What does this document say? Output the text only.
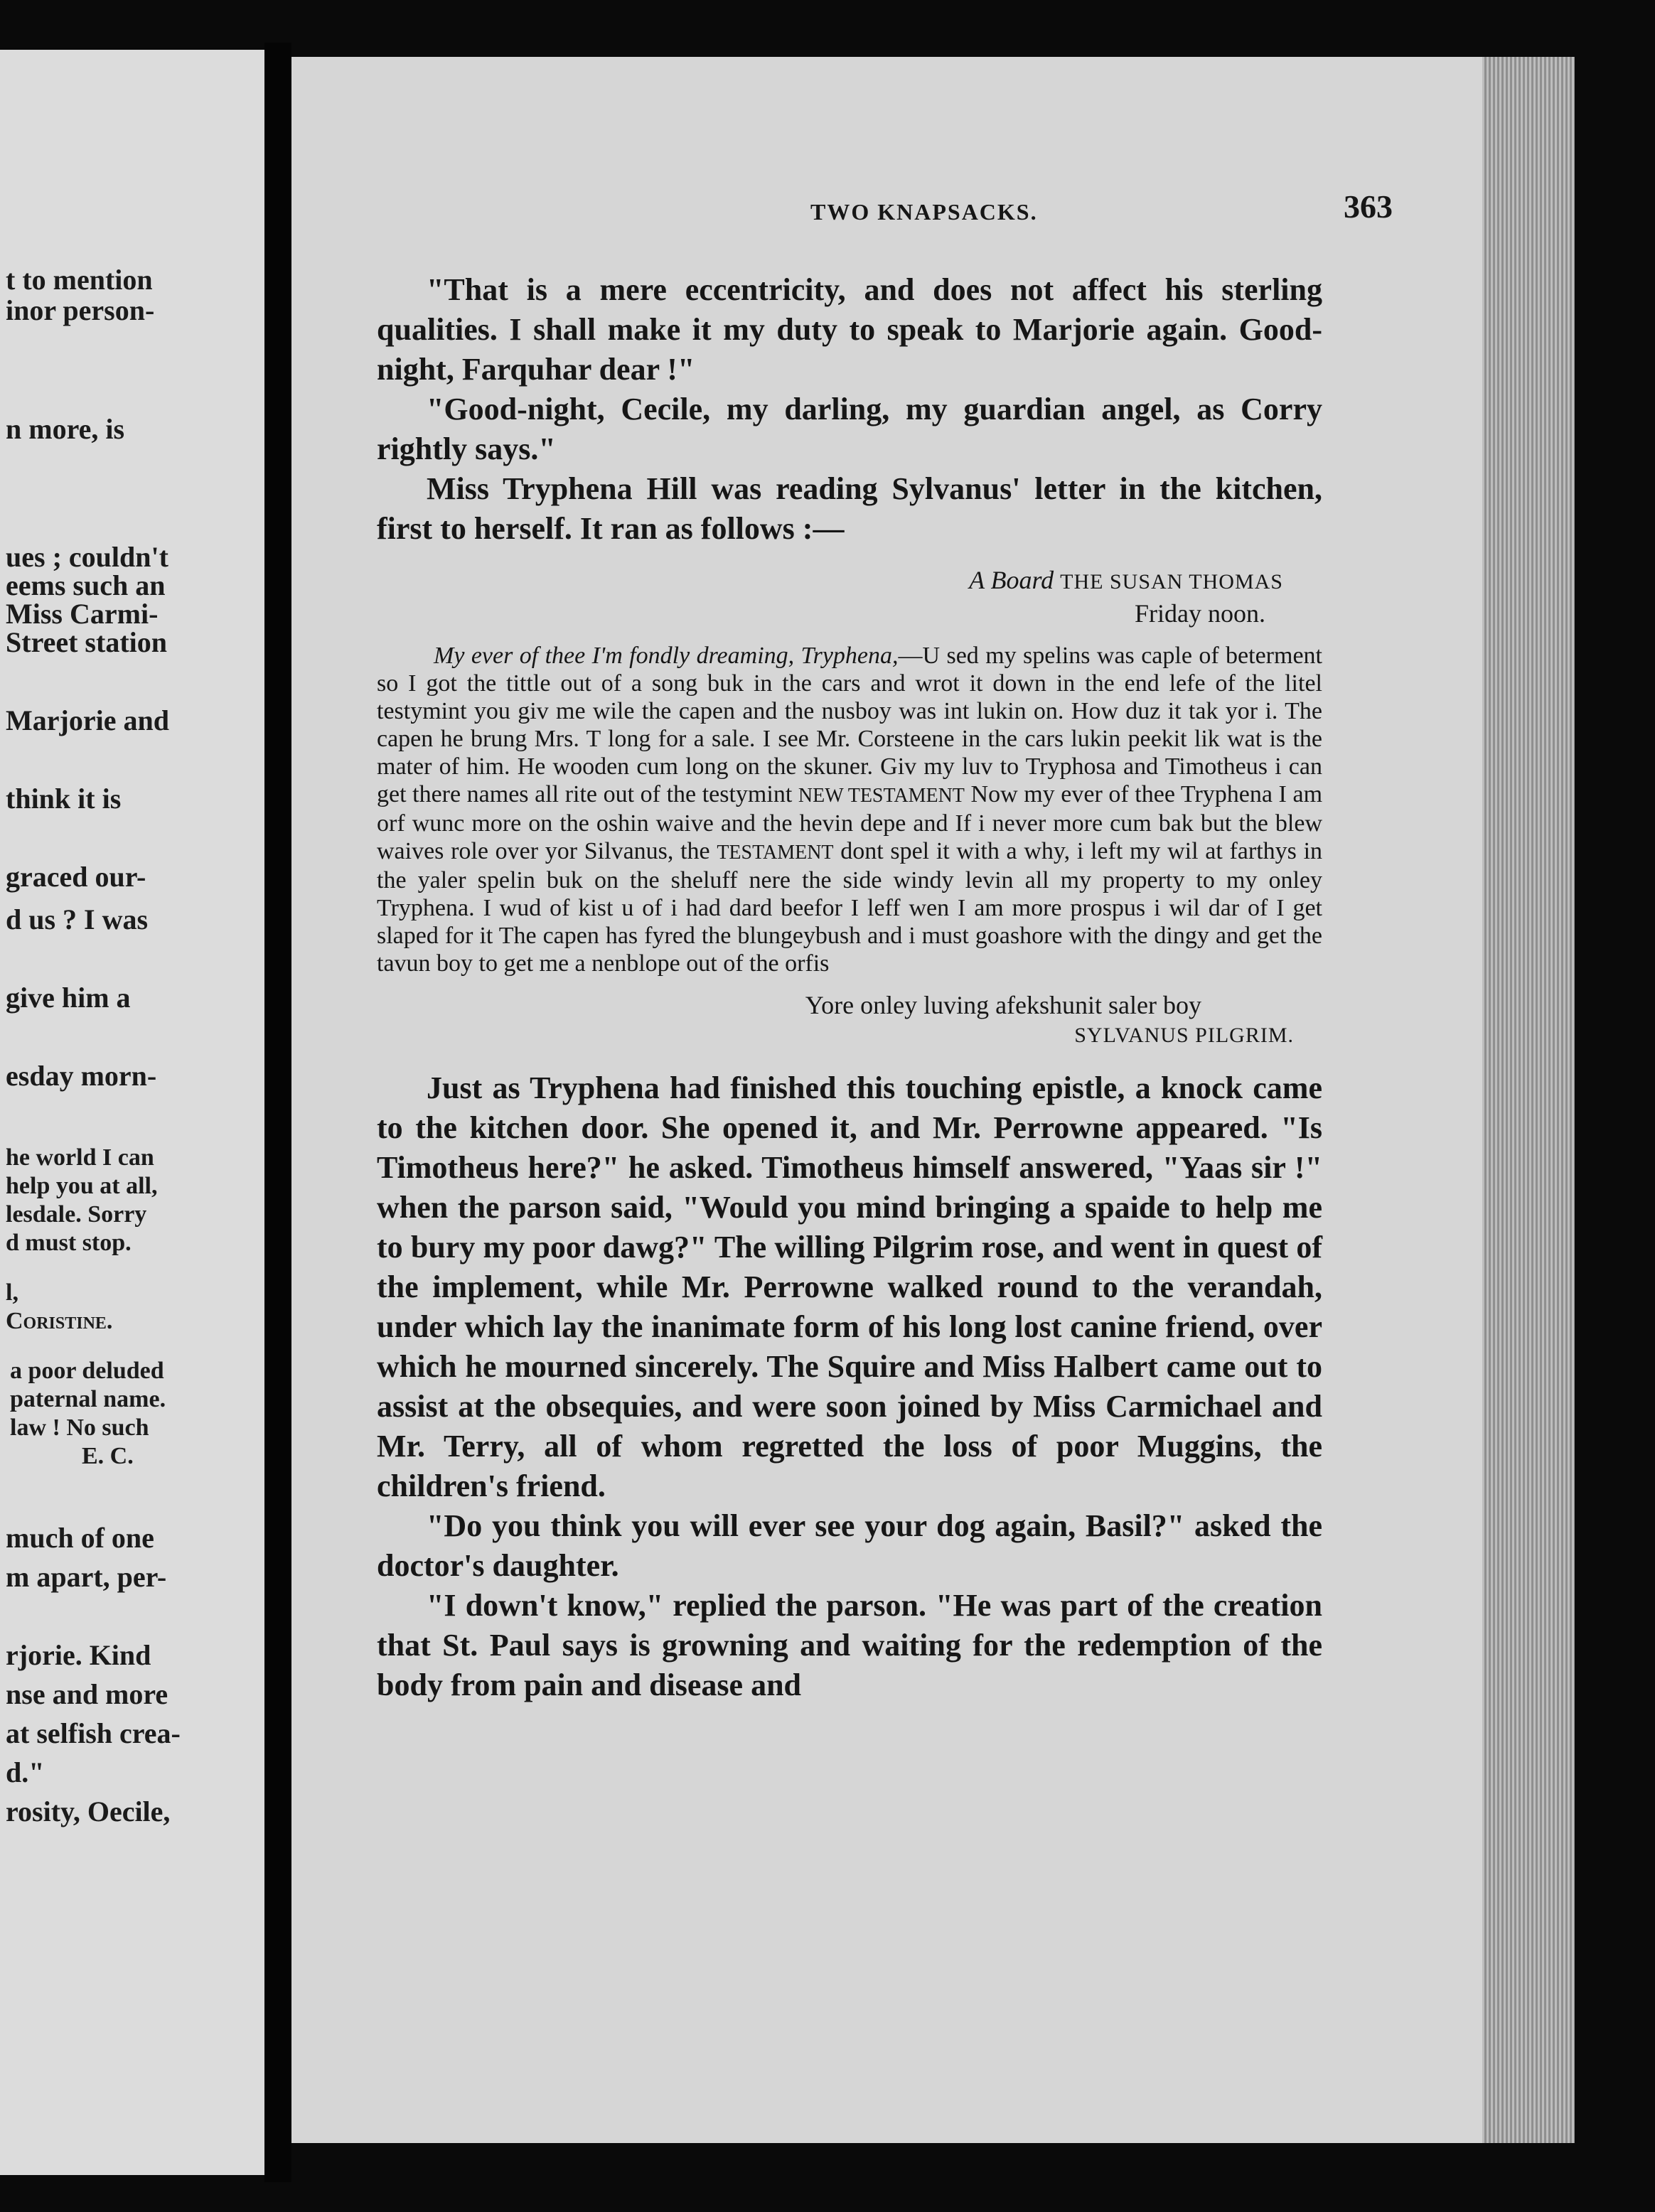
t to mention
inor person-
n more, is
ues ; couldn't
eems such an
Miss Carmi-
Street station
Marjorie and
think it is
graced our-
d us ? I was
give him a
esday morn-
he world I can
help you at all,
lesdale. Sorry
d must stop.
l,
Coristine.
a poor deluded
paternal name.
law ! No such
E. C.
much of one
m apart, per-
rjorie. Kind
nse and more
at selfish crea-
d."
rosity, Oecile,
TWO KNAPSACKS.	363

"That is a mere eccentricity, and does not affect his sterling qualities. I shall make it my duty to speak to Marjorie again. Good-night, Farquhar dear !"

"Good-night, Cecile, my darling, my guardian angel, as Corry rightly says."

Miss Tryphena Hill was reading Sylvanus' letter in the kitchen, first to herself. It ran as follows :—

A Board THE SUSAN THOMAS

Friday noon.

My ever of thee I'm fondly dreaming, Tryphena,—U sed my spelins was caple of beterment so I got the tittle out of a song buk in the cars and wrot it down in the end lefe of the litel testymint you giv me wile the capen and the nusboy was int lukin on. How duz it tak yor i. The capen he brung Mrs. T long for a sale. I see Mr. Corsteene in the cars lukin peekit lik wat is the mater of him. He wooden cum long on the skuner. Giv my luv to Tryphosa and Timotheus i can get there names all rite out of the testymint NEW TESTAMENT Now my ever of thee Tryphena I am orf wunc more on the oshin waive and the hevin depe and If i never more cum bak but the blew waives role over yor Silvanus, the TESTAMENT dont spel it with a why, i left my wil at farthys in the yaler spelin buk on the sheluff nere the side windy levin all my property to my onley Tryphena. I wud of kist u of i had dard beefor I leff wen I am more prospus i wil dar of I get slaped for it The capen has fyred the blungeybush and i must goashore with the dingy and get the tavun boy to get me a nenblope out of the orfis

Yore onley luving afekshunit saler boy

SYLVANUS PILGRIM.

Just as Tryphena had finished this touching epistle, a knock came to the kitchen door. She opened it, and Mr. Perrowne appeared. "Is Timotheus here?" he asked. Timotheus himself answered, "Yaas sir !" when the parson said, "Would you mind bringing a spaide to help me to bury my poor dawg?" The willing Pilgrim rose, and went in quest of the implement, while Mr. Perrowne walked round to the verandah, under which lay the inanimate form of his long lost canine friend, over which he mourned sincerely. The Squire and Miss Halbert came out to assist at the obsequies, and were soon joined by Miss Carmichael and Mr. Terry, all of whom regretted the loss of poor Muggins, the children's friend.

"Do you think you will ever see your dog again, Basil?" asked the doctor's daughter.

"I down't know," replied the parson. "He was part of the creation that St. Paul says is growning and waiting for the redemption of the body from pain and disease and
